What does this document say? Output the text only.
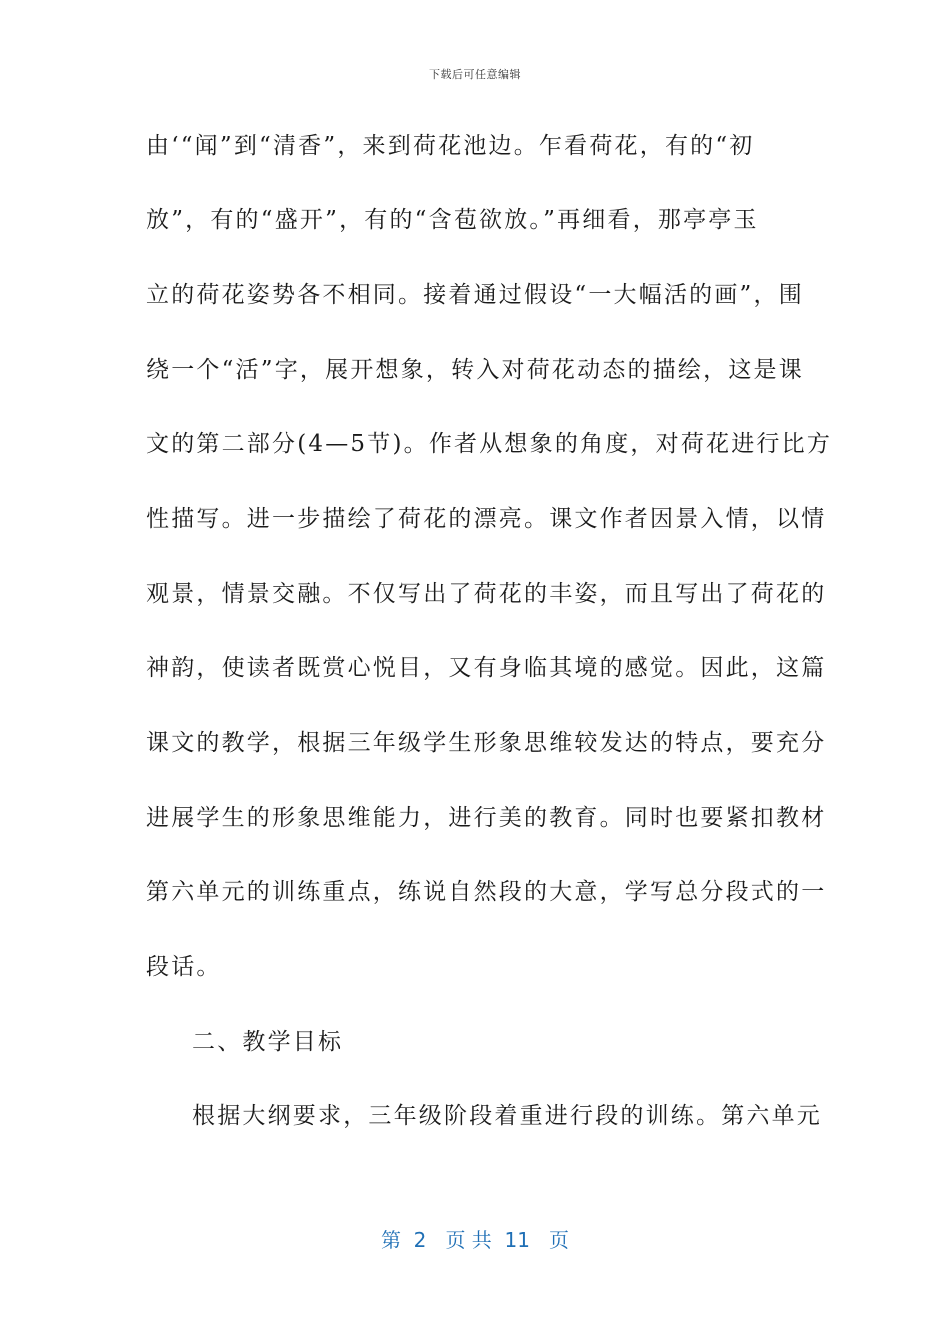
下载后可任意编辑
由‘“闻”到“清香”，来到荷花池边。乍看荷花，有的“初
放”，有的“盛开”，有的“含苞欲放。”再细看，那亭亭玉
立的荷花姿势各不相同。接着通过假设“一大幅活的画”，围
绕一个“活”字，展开想象，转入对荷花动态的描绘，这是课
文的第二部分(4—5节)。作者从想象的角度，对荷花进行比方
性描写。进一步描绘了荷花的漂亮。课文作者因景入情，以情
观景，情景交融。不仅写出了荷花的丰姿，而且写出了荷花的
神韵，使读者既赏心悦目，又有身临其境的感觉。因此，这篇
课文的教学，根据三年级学生形象思维较发达的特点，要充分
进展学生的形象思维能力，进行美的教育。同时也要紧扣教材
第六单元的训练重点，练说自然段的大意，学写总分段式的一
段话。
二、教学目标
根据大纲要求，三年级阶段着重进行段的训练。第六单元
第  2   页 共  11   页
